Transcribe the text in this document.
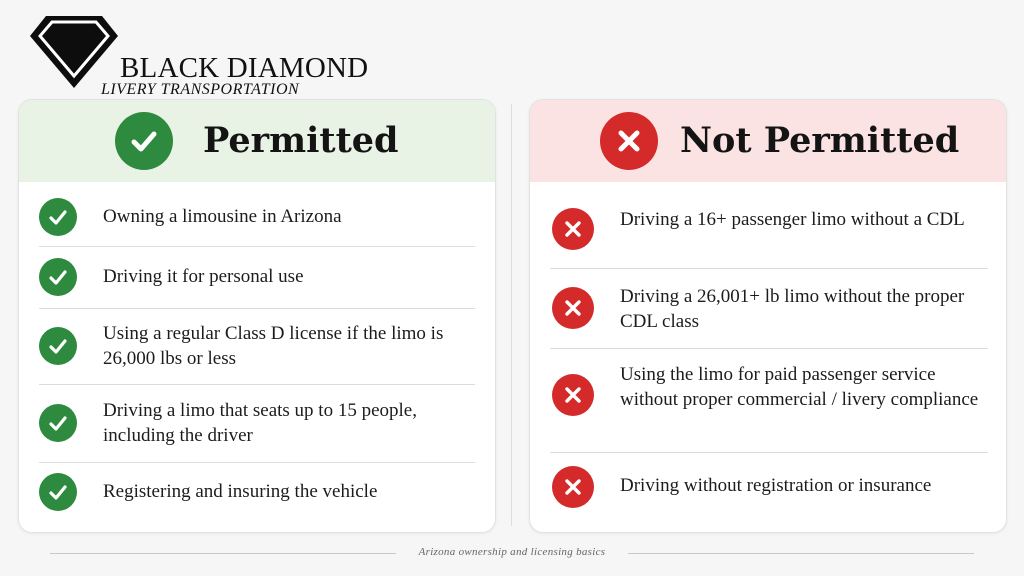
BLACK DIAMOND
LIVERY TRANSPORTATION
Permitted
Owning a limousine in Arizona
Driving it for personal use
Using a regular Class D license if the limo is 26,000 lbs or less
Driving a limo that seats up to 15 people, including the driver
Registering and insuring the vehicle
Not Permitted
Driving a 16+ passenger limo without a CDL
Driving a 26,001+ lb limo without the proper CDL class
Using the limo for paid passenger service without proper commercial / livery compliance
Driving without registration or insurance
Arizona ownership and licensing basics
